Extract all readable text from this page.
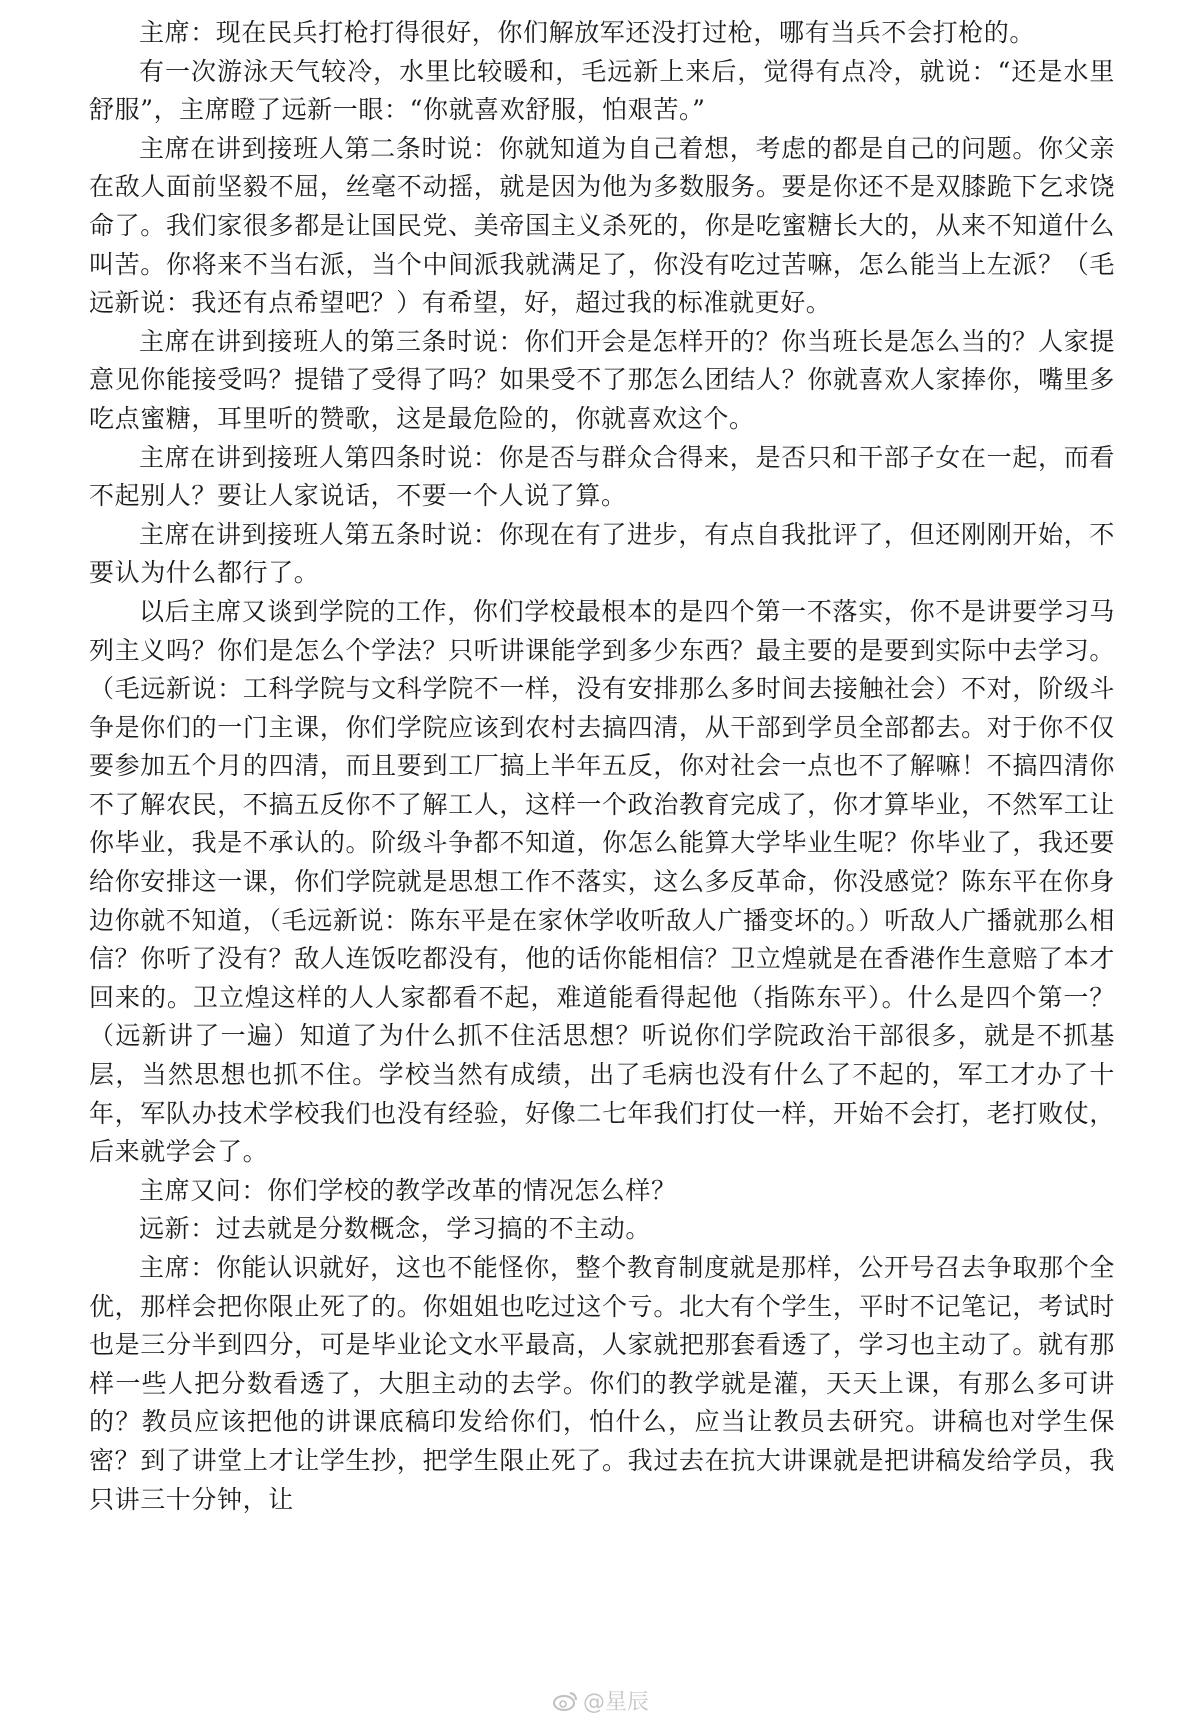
主席：现在民兵打枪打得很好，你们解放军还没打过枪，哪有当兵不会打枪的。

有一次游泳天气较冷，水里比较暖和，毛远新上来后，觉得有点冷，就说：“还是水里舒服”，主席瞪了远新一眼：“你就喜欢舒服，怕艰苦。”

主席在讲到接班人第二条时说：你就知道为自己着想，考虑的都是自己的问题。你父亲在敌人面前坚毅不屈，丝毫不动摇，就是因为他为多数服务。要是你还不是双膝跪下乞求饶命了。我们家很多都是让国民党、美帝国主义杀死的，你是吃蜜糖长大的，从来不知道什么叫苦。你将来不当右派，当个中间派我就满足了，你没有吃过苦嘛，怎么能当上左派？（毛远新说：我还有点希望吧？）有希望，好，超过我的标准就更好。

主席在讲到接班人的第三条时说：你们开会是怎样开的？你当班长是怎么当的？人家提意见你能接受吗？提错了受得了吗？如果受不了那怎么团结人？你就喜欢人家捧你，嘴里多吃点蜜糖，耳里听的赞歌，这是最危险的，你就喜欢这个。

主席在讲到接班人第四条时说：你是否与群众合得来，是否只和干部子女在一起，而看不起别人？要让人家说话，不要一个人说了算。

主席在讲到接班人第五条时说：你现在有了进步，有点自我批评了，但还刚刚开始，不要认为什么都行了。

以后主席又谈到学院的工作，你们学校最根本的是四个第一不落实，你不是讲要学习马列主义吗？你们是怎么个学法？只听讲课能学到多少东西？最主要的是要到实际中去学习。（毛远新说：工科学院与文科学院不一样，没有安排那么多时间去接触社会）不对，阶级斗争是你们的一门主课，你们学院应该到农村去搞四清，从干部到学员全部都去。对于你不仅要参加五个月的四清，而且要到工厂搞上半年五反，你对社会一点也不了解嘛！不搞四清你不了解农民，不搞五反你不了解工人，这样一个政治教育完成了，你才算毕业，不然军工让你毕业，我是不承认的。阶级斗争都不知道，你怎么能算大学毕业生呢？你毕业了，我还要给你安排这一课，你们学院就是思想工作不落实，这么多反革命，你没感觉？陈东平在你身边你就不知道，（毛远新说：陈东平是在家休学收听敌人广播变坏的。）听敌人广播就那么相信？你听了没有？敌人连饭吃都没有，他的话你能相信？卫立煌就是在香港作生意赔了本才回来的。卫立煌这样的人人家都看不起，难道能看得起他（指陈东平）。什么是四个第一？（远新讲了一遍）知道了为什么抓不住活思想？听说你们学院政治干部很多，就是不抓基层，当然思想也抓不住。学校当然有成绩，出了毛病也没有什么了不起的，军工才办了十年，军队办技术学校我们也没有经验，好像二七年我们打仗一样，开始不会打，老打败仗，后来就学会了。

主席又问：你们学校的教学改革的情况怎么样？

远新：过去就是分数概念，学习搞的不主动。

主席：你能认识就好，这也不能怪你，整个教育制度就是那样，公开号召去争取那个全优，那样会把你限止死了的。你姐姐也吃过这个亏。北大有个学生，平时不记笔记，考试时也是三分半到四分，可是毕业论文水平最高，人家就把那套看透了，学习也主动了。就有那样一些人把分数看透了，大胆主动的去学。你们的教学就是灌，天天上课，有那么多可讲的？教员应该把他的讲课底稿印发给你们，怕什么，应当让教员去研究。讲稿也对学生保密？到了讲堂上才让学生抄，把学生限止死了。我过去在抗大讲课就是把讲稿发给学员，我只讲三十分钟，让

@星辰
